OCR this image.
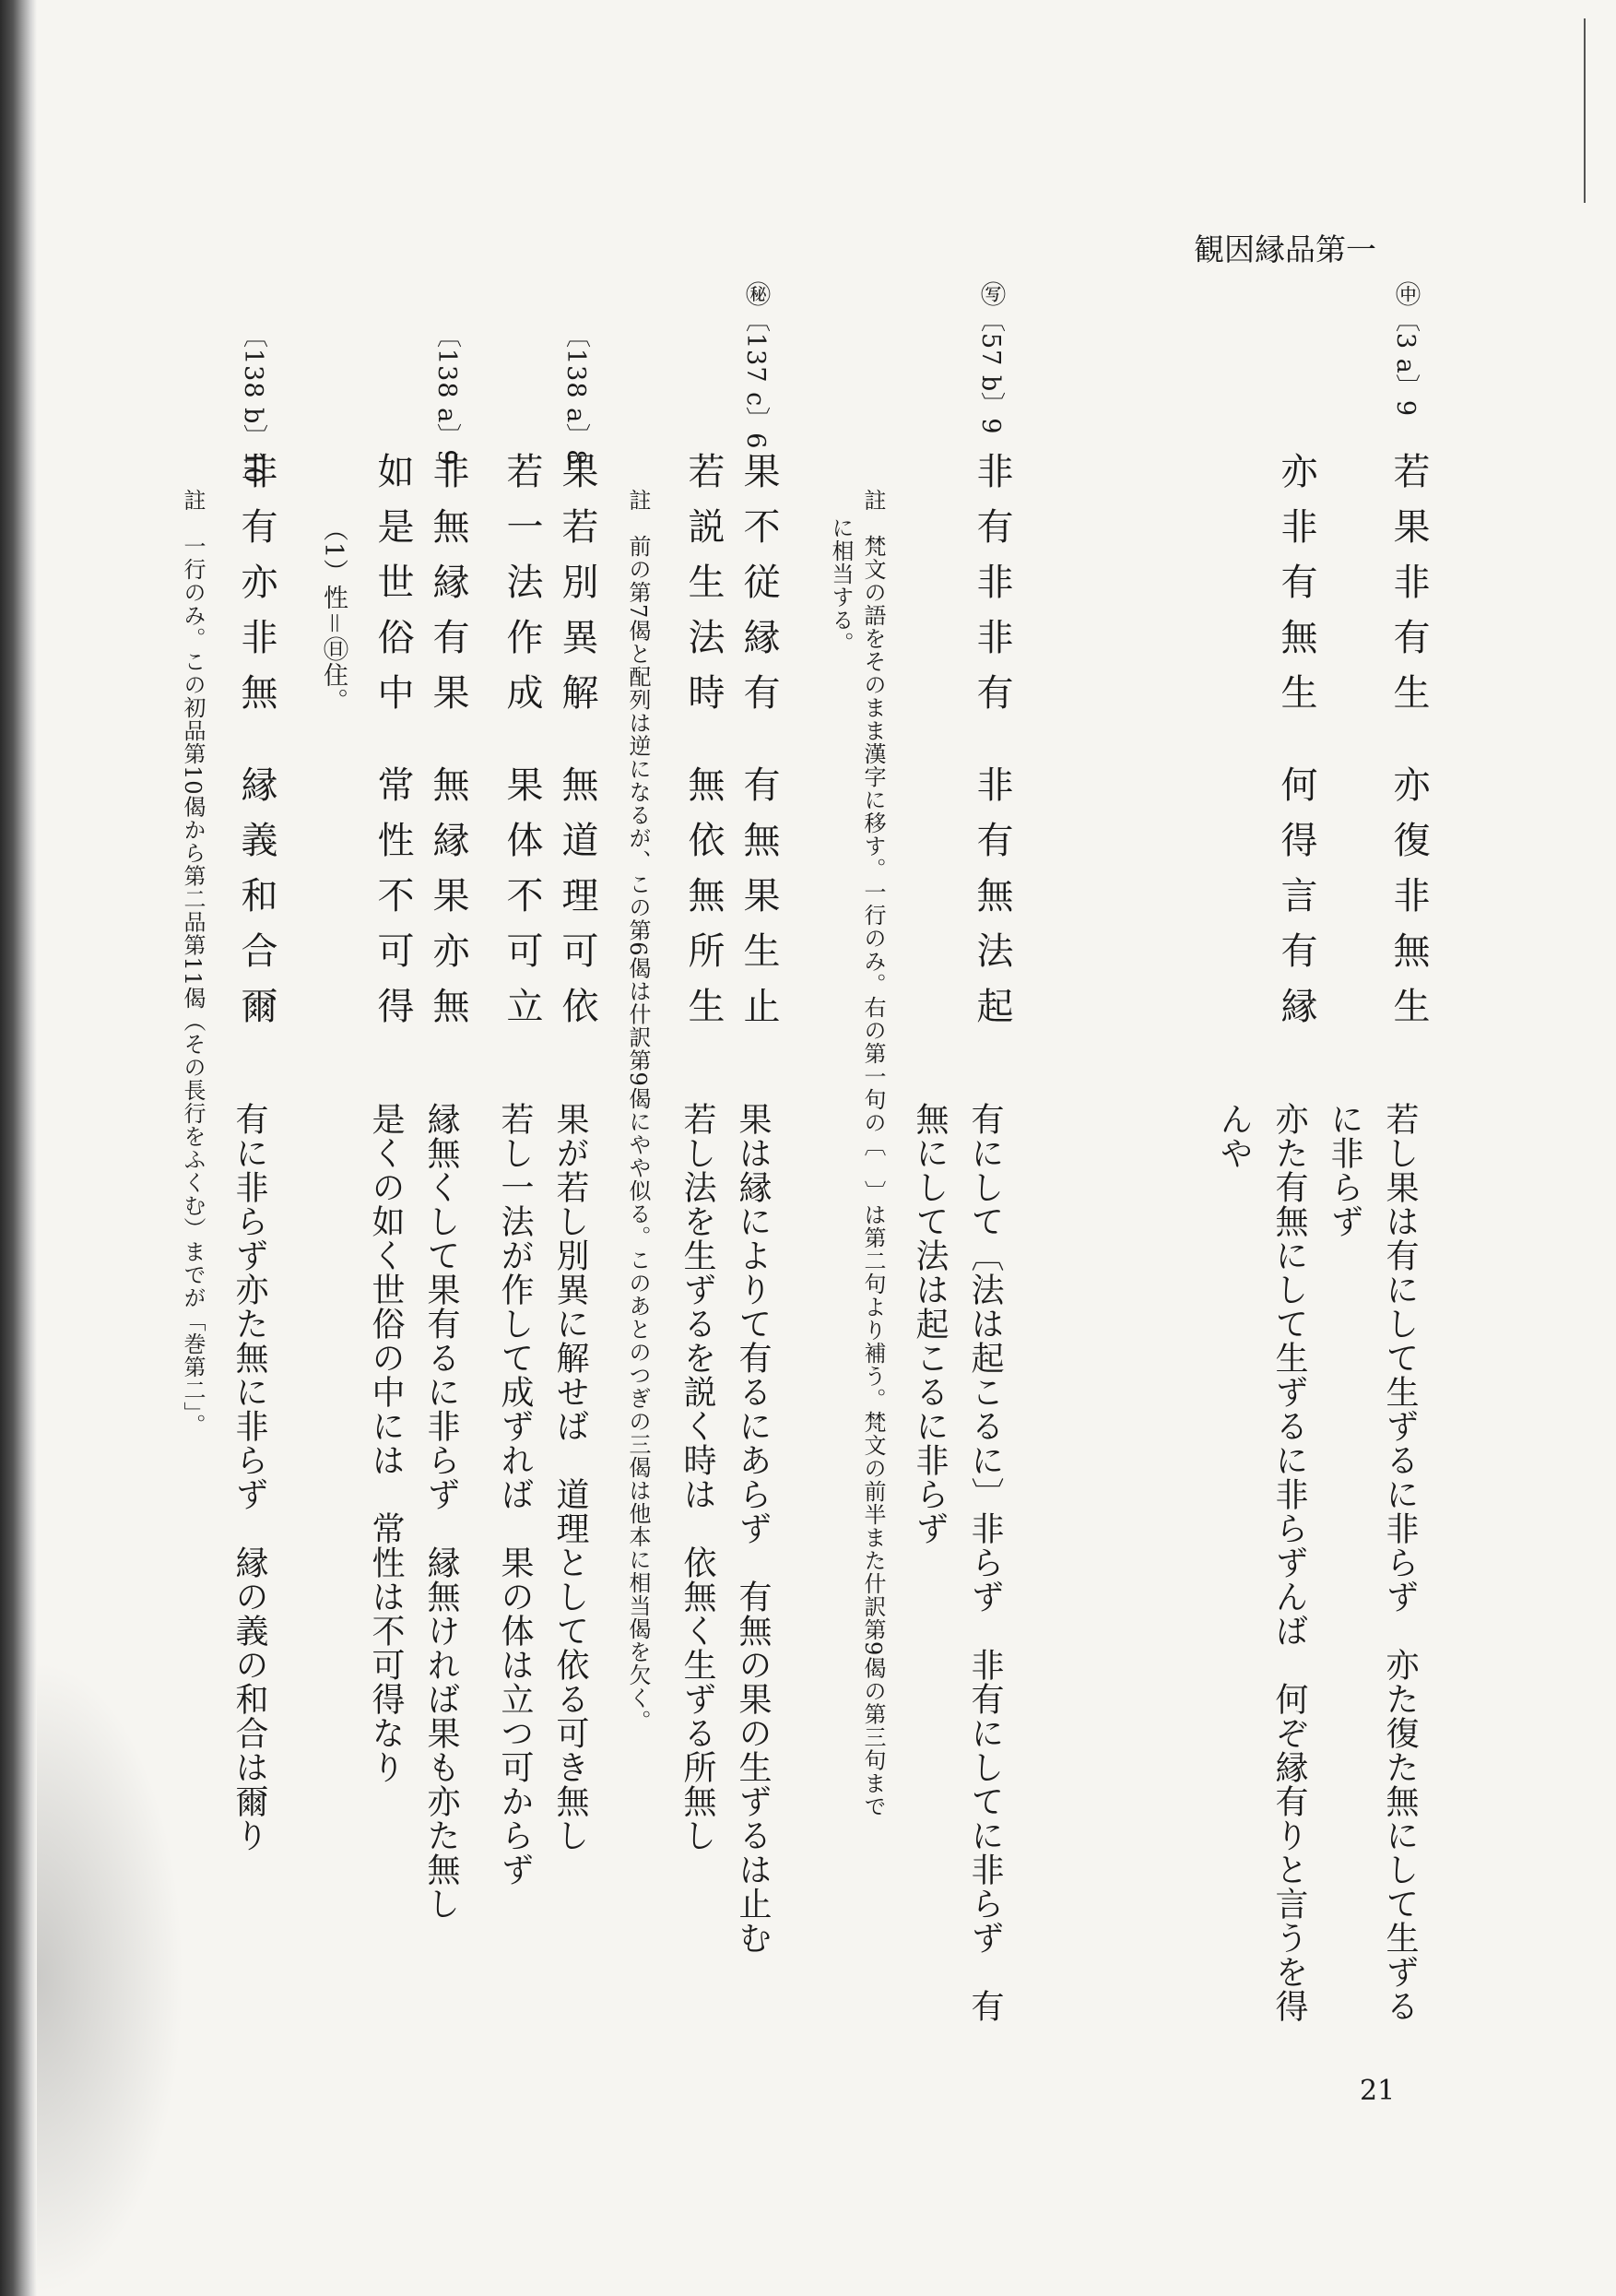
観因縁品第一
21
㊥〔3 a〕9
若果非有生
亦復非無生
亦非有無生
何得言有縁
若し果は有にして生ずるに非らず　亦た復た無にして生ずる
に非らず
亦た有無にして生ずるに非らずんば　何ぞ縁有りと言うを得
んや
㊢〔57 b〕9
非有非非有
非有無法起
有にして〔法は起こるに〕非らず　非有にしてに非らず　有
無にして法は起こるに非らず
註　梵文の語をそのまま漢字に移す。一行のみ。右の第一句の〔　〕は第二句より補う。梵文の前半また什訳第9偈の第三句まで
に相当する。
㊙〔137 c〕6
果不従縁有
有無果生止
若説生法時
無依無所生
果は縁によりて有るにあらず　有無の果の生ずるは止む
若し法を生ずるを説く時は　依無く生ずる所無し
註　前の第7偈と配列は逆になるが、この第6偈は什訳第9偈にやや似る。このあとのつぎの三偈は他本に相当偈を欠く。
〔138 a〕8
果若別異解
無道理可依
若一法作成
果体不可立
果が若し別異に解せば　道理として依る可き無し
若し一法が作して成ずれば　果の体は立つ可からず
〔138 a〕9
非無縁有果
無縁果亦無
如是世俗中
常性不可得
縁無くして果有るに非らず　縁無ければ果も亦た無し
是くの如く世俗の中には　常性は不可得なり
（1）性＝㊐住。
〔138 b〕10
非有亦非無
縁義和合爾
有に非らず亦た無に非らず　縁の義の和合は爾り
註　一行のみ。この初品第10偈から第二品第11偈（その長行をふくむ）までが「巻第二」。
